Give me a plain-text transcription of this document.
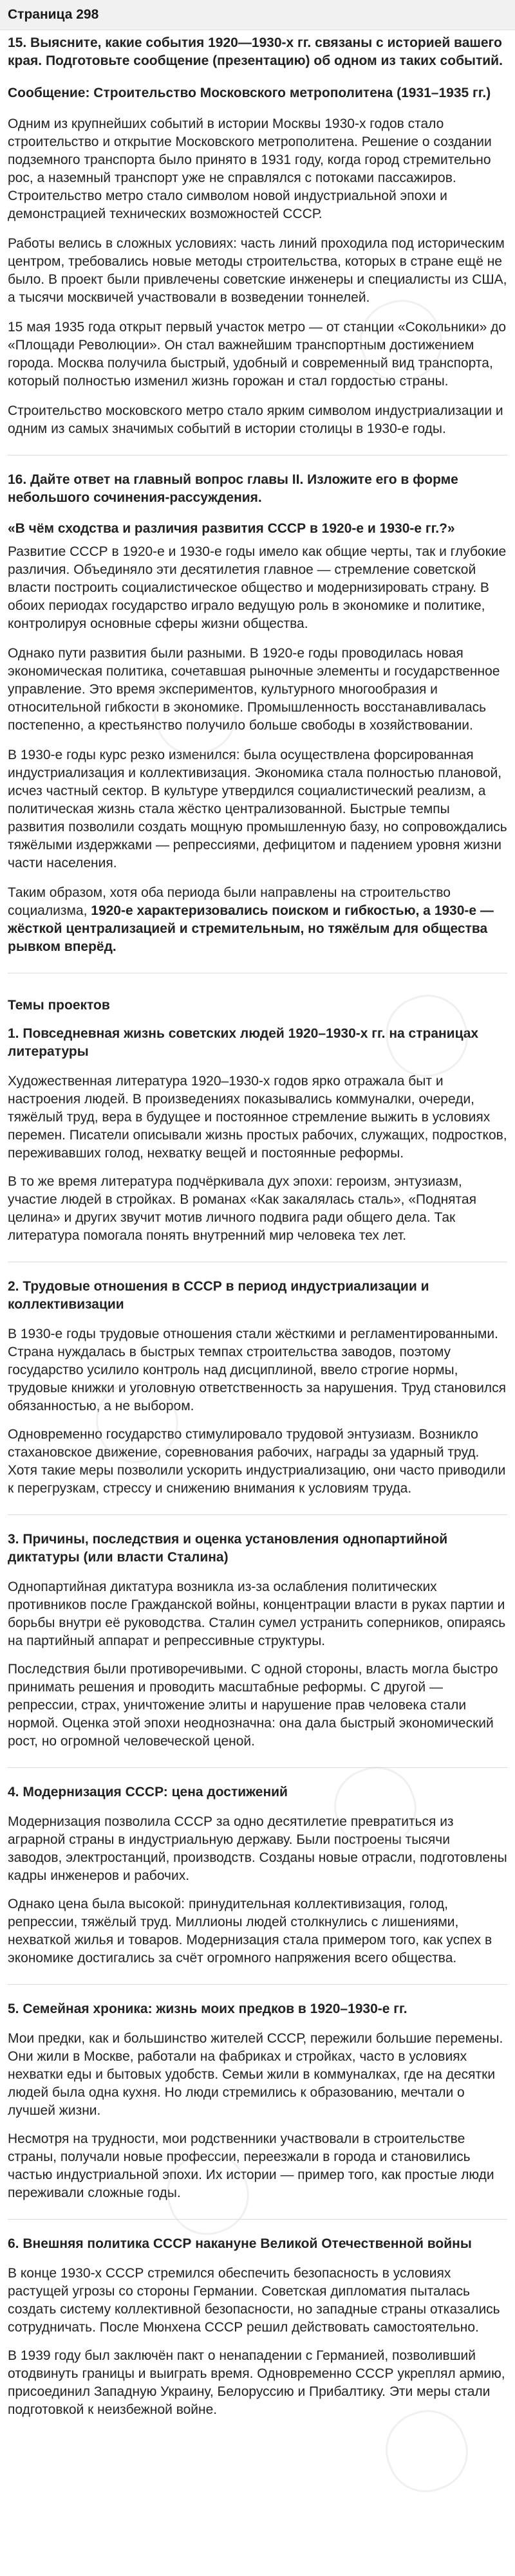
Страница 298
15. Выясните, какие события 1920—1930-х гг. связаны с историей вашего края. Подготовьте сообщение (презентацию) об одном из таких событий.
Сообщение: Строительство Московского метрополитена (1931–1935 гг.)

Одним из крупнейших событий в истории Москвы 1930-х годов стало строительство и открытие Московского метрополитена. Решение о создании подземного транспорта было принято в 1931 году, когда город стремительно рос, а наземный транспорт уже не справлялся с потоками пассажиров. Строительство метро стало символом новой индустриальной эпохи и демонстрацией технических возможностей СССР.

Работы велись в сложных условиях: часть линий проходила под историческим центром, требовались новые методы строительства, которых в стране ещё не было. В проект были привлечены советские инженеры и специалисты из США, а тысячи москвичей участвовали в возведении тоннелей.

15 мая 1935 года открыт первый участок метро — от станции «Сокольники» до «Площади Революции». Он стал важнейшим транспортным достижением города. Москва получила быстрый, удобный и современный вид транспорта, который полностью изменил жизнь горожан и стал гордостью страны.

Строительство московского метро стало ярким символом индустриализации и одним из самых значимых событий в истории столицы в 1930-е годы.

16. Дайте ответ на главный вопрос главы II. Изложите его в форме небольшого сочинения-рассуждения.
«В чём сходства и различия развития СССР в 1920-е и 1930-е гг.?»

Развитие СССР в 1920-е и 1930-е годы имело как общие черты, так и глубокие различия. Объединяло эти десятилетия главное — стремление советской власти построить социалистическое общество и модернизировать страну. В обоих периодах государство играло ведущую роль в экономике и политике, контролируя основные сферы жизни общества.

Однако пути развития были разными. В 1920-е годы проводилась новая экономическая политика, сочетавшая рыночные элементы и государственное управление. Это время экспериментов, культурного многообразия и относительной гибкости в экономике. Промышленность восстанавливалась постепенно, а крестьянство получило больше свободы в хозяйствовании.

В 1930-е годы курс резко изменился: была осуществлена форсированная индустриализация и коллективизация. Экономика стала полностью плановой, исчез частный сектор. В культуре утвердился социалистический реализм, а политическая жизнь стала жёстко централизованной. Быстрые темпы развития позволили создать мощную промышленную базу, но сопровождались тяжёлыми издержками — репрессиями, дефицитом и падением уровня жизни части населения.

Таким образом, хотя оба периода были направлены на строительство социализма, 1920-е характеризовались поиском и гибкостью, а 1930-е — жёсткой централизацией и стремительным, но тяжёлым для общества рывком вперёд.

Темы проектов
1. Повседневная жизнь советских людей 1920–1930-х гг. на страницах литературы

Художественная литература 1920–1930-х годов ярко отражала быт и настроения людей. В произведениях показывались коммуналки, очереди, тяжёлый труд, вера в будущее и постоянное стремление выжить в условиях перемен. Писатели описывали жизнь простых рабочих, служащих, подростков, переживавших голод, нехватку вещей и постоянные реформы.

В то же время литература подчёркивала дух эпохи: героизм, энтузиазм, участие людей в стройках. В романах «Как закалялась сталь», «Поднятая целина» и других звучит мотив личного подвига ради общего дела. Так литература помогала понять внутренний мир человека тех лет.

2. Трудовые отношения в СССР в период индустриализации и коллективизации

В 1930-е годы трудовые отношения стали жёсткими и регламентированными. Страна нуждалась в быстрых темпах строительства заводов, поэтому государство усилило контроль над дисциплиной, ввело строгие нормы, трудовые книжки и уголовную ответственность за нарушения. Труд становился обязанностью, а не выбором.

Одновременно государство стимулировало трудовой энтузиазм. Возникло стахановское движение, соревнования рабочих, награды за ударный труд. Хотя такие меры позволили ускорить индустриализацию, они часто приводили к перегрузкам, стрессу и снижению внимания к условиям труда.

3. Причины, последствия и оценка установления однопартийной диктатуры (или власти Сталина)

Однопартийная диктатура возникла из-за ослабления политических противников после Гражданской войны, концентрации власти в руках партии и борьбы внутри её руководства. Сталин сумел устранить соперников, опираясь на партийный аппарат и репрессивные структуры.

Последствия были противоречивыми. С одной стороны, власть могла быстро принимать решения и проводить масштабные реформы. С другой — репрессии, страх, уничтожение элиты и нарушение прав человека стали нормой. Оценка этой эпохи неоднозначна: она дала быстрый экономический рост, но огромной человеческой ценой.

4. Модернизация СССР: цена достижений

Модернизация позволила СССР за одно десятилетие превратиться из аграрной страны в индустриальную державу. Были построены тысячи заводов, электростанций, производств. Созданы новые отрасли, подготовлены кадры инженеров и рабочих.

Однако цена была высокой: принудительная коллективизация, голод, репрессии, тяжёлый труд. Миллионы людей столкнулись с лишениями, нехваткой жилья и товаров. Модернизация стала примером того, как успех в экономике достигались за счёт огромного напряжения всего общества.

5. Семейная хроника: жизнь моих предков в 1920–1930-е гг.

Мои предки, как и большинство жителей СССР, пережили большие перемены. Они жили в Москве, работали на фабриках и стройках, часто в условиях нехватки еды и бытовых удобств. Семьи жили в коммуналках, где на десятки людей была одна кухня. Но люди стремились к образованию, мечтали о лучшей жизни.

Несмотря на трудности, мои родственники участвовали в строительстве страны, получали новые профессии, переезжали в города и становились частью индустриальной эпохи. Их истории — пример того, как простые люди переживали сложные годы.

6. Внешняя политика СССР накануне Великой Отечественной войны

В конце 1930-х СССР стремился обеспечить безопасность в условиях растущей угрозы со стороны Германии. Советская дипломатия пыталась создать систему коллективной безопасности, но западные страны отказались сотрудничать. После Мюнхена СССР решил действовать самостоятельно.

В 1939 году был заключён пакт о ненападении с Германией, позволивший отодвинуть границы и выиграть время. Одновременно СССР укреплял армию, присоединил Западную Украину, Белоруссию и Прибалтику. Эти меры стали подготовкой к неизбежной войне.
